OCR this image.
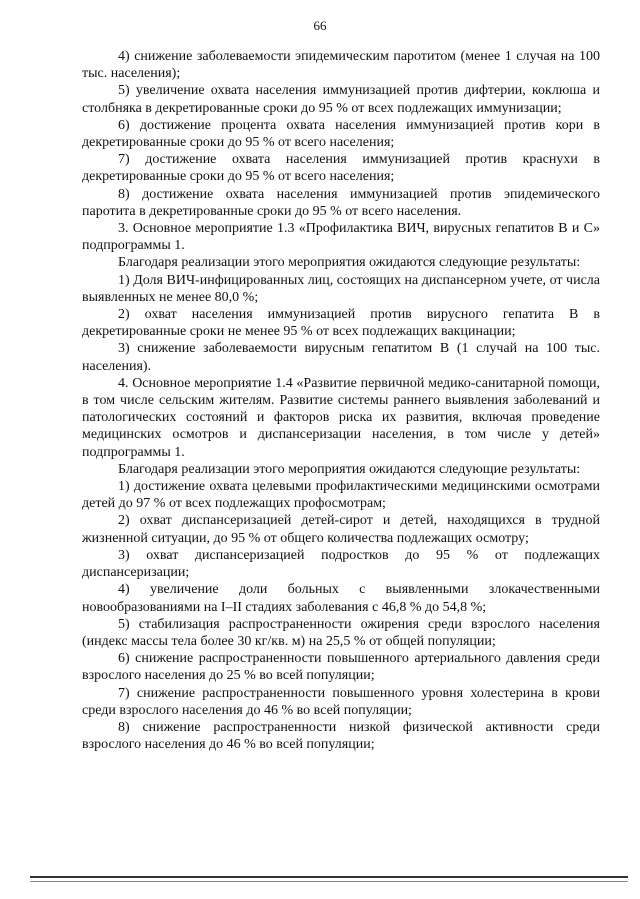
66

4) снижение заболеваемости эпидемическим паротитом (менее 1 случая на 100 тыс. населения);

5) увеличение охвата населения иммунизацией против дифтерии, коклюша и столбняка в декретированные сроки до 95 % от всех подлежащих иммунизации;

6) достижение процента охвата населения иммунизацией против кори в декретированные сроки до 95 % от всего населения;

7) достижение охвата населения иммунизацией против краснухи в декретированные сроки до 95 % от всего населения;

8) достижение охвата населения иммунизацией против эпидемического паротита в декретированные сроки до 95 % от всего населения.

3. Основное мероприятие 1.3 «Профилактика ВИЧ, вирусных гепатитов В и С» подпрограммы 1.

Благодаря реализации этого мероприятия ожидаются следующие результаты:

1) Доля ВИЧ-инфицированных лиц, состоящих на диспансерном учете, от числа выявленных не менее 80,0 %;

2) охват населения иммунизацией против вирусного гепатита В в декретированные сроки не менее 95 % от всех подлежащих вакцинации;

3) снижение заболеваемости вирусным гепатитом В (1 случай на 100 тыс. населения).

4. Основное мероприятие 1.4 «Развитие первичной медико-санитарной помощи, в том числе сельским жителям. Развитие системы раннего выявления заболеваний и патологических состояний и факторов риска их развития, включая проведение медицинских осмотров и диспансеризации населения, в том числе у детей» подпрограммы 1.

Благодаря реализации этого мероприятия ожидаются следующие результаты:

1) достижение охвата целевыми профилактическими медицинскими осмотрами детей до 97 % от всех подлежащих профосмотрам;

2) охват диспансеризацией детей-сирот и детей, находящихся в трудной жизненной ситуации, до 95 % от общего количества подлежащих осмотру;

3) охват диспансеризацией подростков до 95 % от подлежащих диспансеризации;

4) увеличение доли больных с выявленными злокачественными новообразованиями на I–II стадиях заболевания с 46,8 % до 54,8 %;

5) стабилизация распространенности ожирения среди взрослого населения (индекс массы тела более 30 кг/кв. м) на 25,5 % от общей популяции;

6) снижение распространенности повышенного артериального давления среди взрослого населения до 25 % во всей популяции;

7) снижение распространенности повышенного уровня холестерина в крови среди взрослого населения до 46 % во всей популяции;

8) снижение распространенности низкой физической активности среди взрослого населения до 46 % во всей популяции;
